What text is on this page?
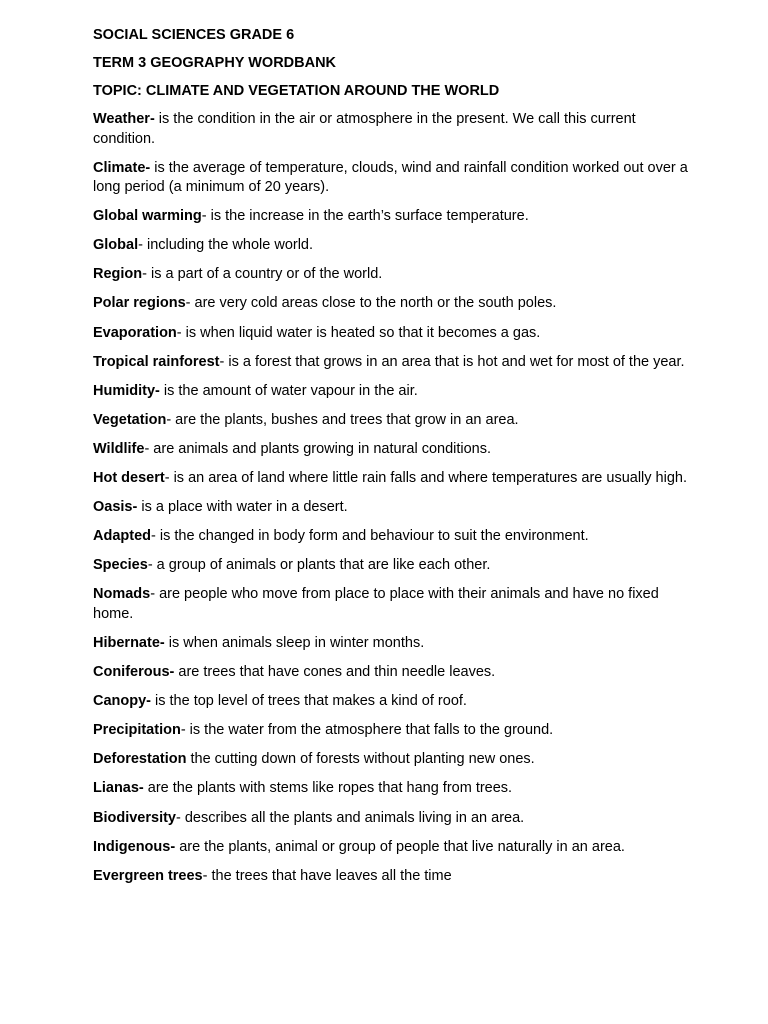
SOCIAL SCIENCES GRADE 6
TERM 3 GEOGRAPHY WORDBANK
TOPIC: CLIMATE AND VEGETATION AROUND THE WORLD
Weather- is the condition in the air or atmosphere in the present. We call this current condition.
Climate- is the average of temperature, clouds, wind and rainfall condition worked out over a long period (a minimum of 20 years).
Global warming- is the increase in the earth’s surface temperature.
Global- including the whole world.
Region- is a part of a country or of the world.
Polar regions- are very cold areas close to the north or the south poles.
Evaporation- is when liquid water is heated so that it becomes a gas.
Tropical rainforest- is a forest that grows in an area that is hot and wet for most of the year.
Humidity- is the amount of water vapour in the air.
Vegetation- are the plants, bushes and trees that grow in an area.
Wildlife- are animals and plants growing in natural conditions.
Hot desert- is an area of land where little rain falls and where temperatures are usually high.
Oasis- is a place with water in a desert.
Adapted- is the changed in body form and behaviour to suit the environment.
Species- a group of animals or plants that are like each other.
Nomads- are people who move from place to place with their animals and have no fixed home.
Hibernate- is when animals sleep in winter months.
Coniferous- are trees that have cones and thin needle leaves.
Canopy- is the top level of trees that makes a kind of roof.
Precipitation- is the water from the atmosphere that falls to the ground.
Deforestation the cutting down of forests without planting new ones.
Lianas- are the plants with stems like ropes that hang from trees.
Biodiversity- describes all the plants and animals living in an area.
Indigenous- are the plants, animal or group of people that live naturally in an area.
Evergreen trees- the trees that have leaves all the time
